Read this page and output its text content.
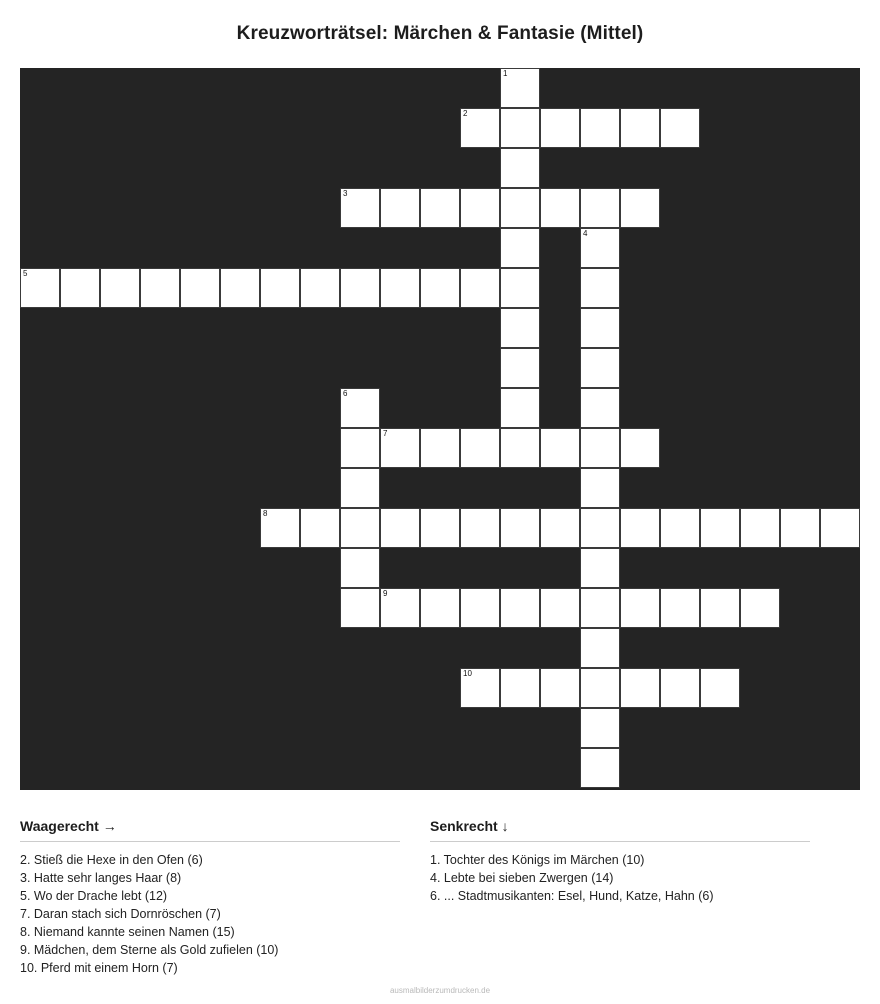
Kreuzworträtsel: Märchen & Fantasie (Mittel)
1
2
3
4
5
6
7
8
9
10
Waagerecht →
2. Stieß die Hexe in den Ofen (6)
3. Hatte sehr langes Haar (8)
5. Wo der Drache lebt (12)
7. Daran stach sich Dornröschen (7)
8. Niemand kannte seinen Namen (15)
9. Mädchen, dem Sterne als Gold zufielen (10)
10. Pferd mit einem Horn (7)
Senkrecht ↓
1. Tochter des Königs im Märchen (10)
4. Lebte bei sieben Zwergen (14)
6. ... Stadtmusikanten: Esel, Hund, Katze, Hahn (6)
ausmalbilderzumdrucken.de
